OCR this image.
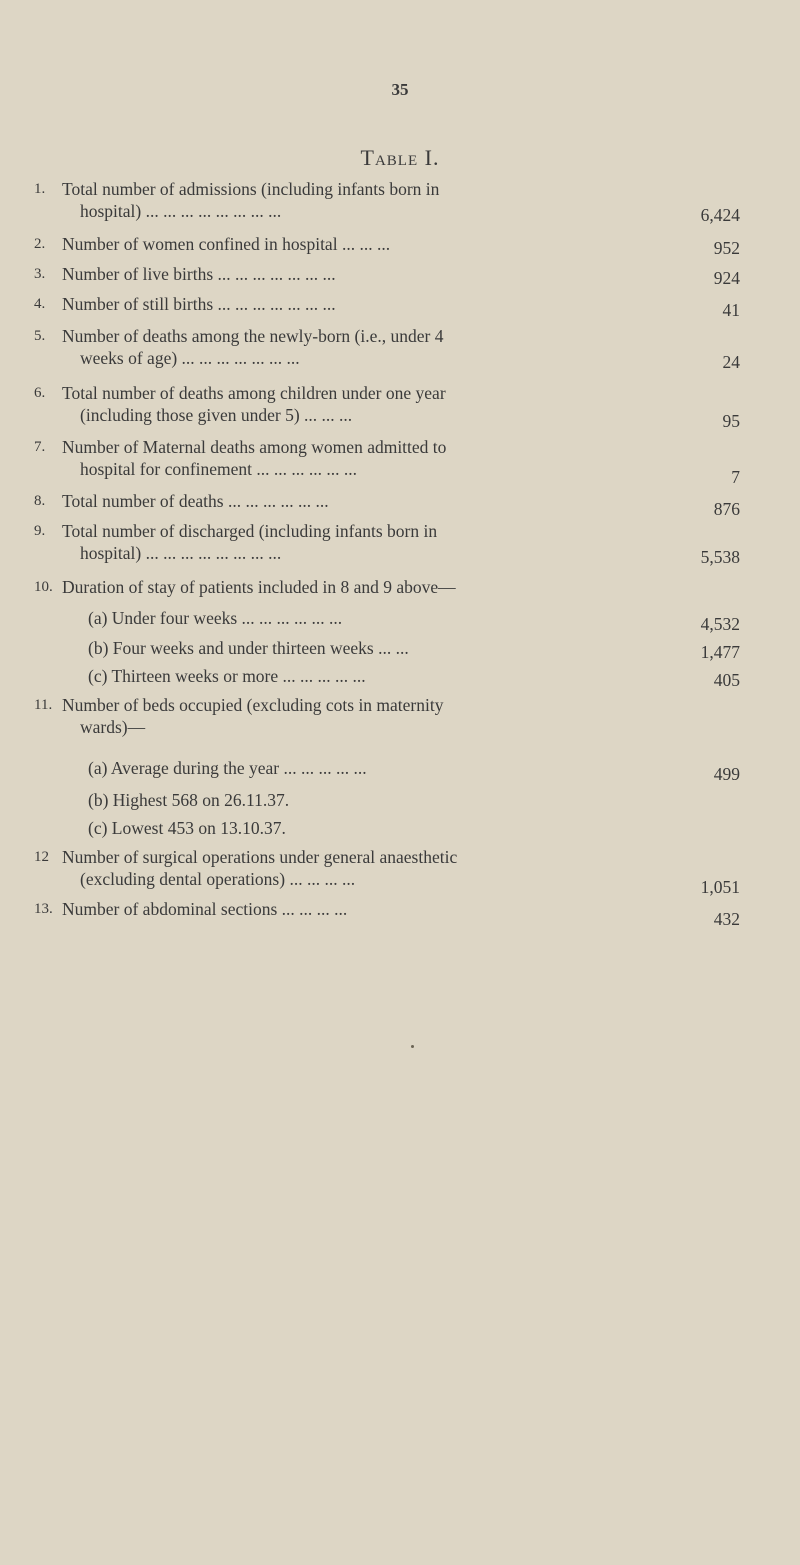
35
Table I.
1. Total number of admissions (including infants born in
hospital) ... ... ... ... ... ... ... ...	6,424
2. Number of women confined in hospital ... ... ...	952
3. Number of live births ... ... ... ... ... ... ...	924
4. Number of still births ... ... ... ... ... ... ...	41
5. Number of deaths among the newly-born (i.e., under 4
weeks of age) ... ... ... ... ... ... ...	24
6. Total number of deaths among children under one year
(including those given under 5) ... ... ...	95
7. Number of Maternal deaths among women admitted to
hospital for confinement ... ... ... ... ... ...	7
8. Total number of deaths ... ... ... ... ... ...	876
9. Total number of discharged (including infants born in
hospital) ... ... ... ... ... ... ... ...	5,538
10. Duration of stay of patients included in 8 and 9 above—
(a) Under four weeks ... ... ... ... ... ...	4,532
(b) Four weeks and under thirteen weeks ... ...	1,477
(c) Thirteen weeks or more ... ... ... ... ...	405
11. Number of beds occupied (excluding cots in maternity
wards)—
(a) Average during the year ... ... ... ... ...	499
(b) Highest 568 on 26.11.37.
(c) Lowest 453 on 13.10.37.
12 Number of surgical operations under general anaesthetic
(excluding dental operations) ... ... ... ...	1,051
13. Number of abdominal sections ... ... ... ...	432
